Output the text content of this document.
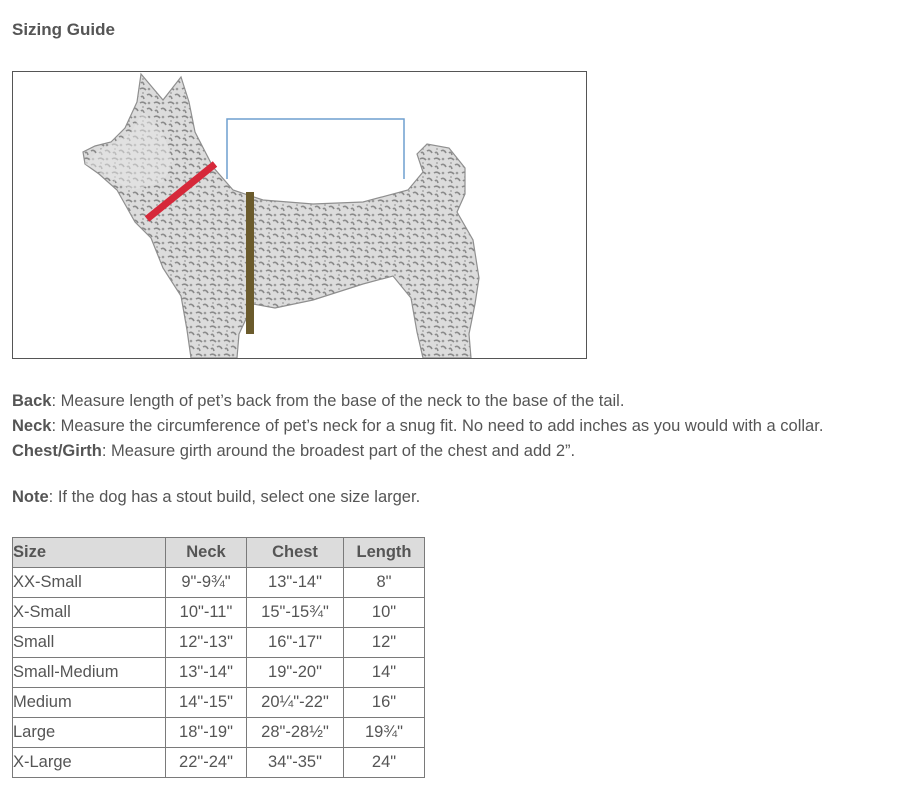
Sizing Guide
Back: Measure length of pet’s back from the base of the neck to the base of the tail.
Neck: Measure the circumference of pet’s neck for a snug fit. No need to add inches as you would with a collar.
Chest/Girth: Measure girth around the broadest part of the chest and add 2”.
Note: If the dog has a stout build, select one size larger.
Size	Neck	Chest	Length
XX-Small	9"-9¾"	13"-14"	8"
X-Small	10"-11"	15"-15¾"	10"
Small	12"-13"	16"-17"	12"
Small-Medium	13"-14"	19"-20"	14"
Medium	14"-15"	20¼"-22"	16"
Large	18"-19"	28"-28½"	19¾"
X-Large	22"-24"	34"-35"	24"
